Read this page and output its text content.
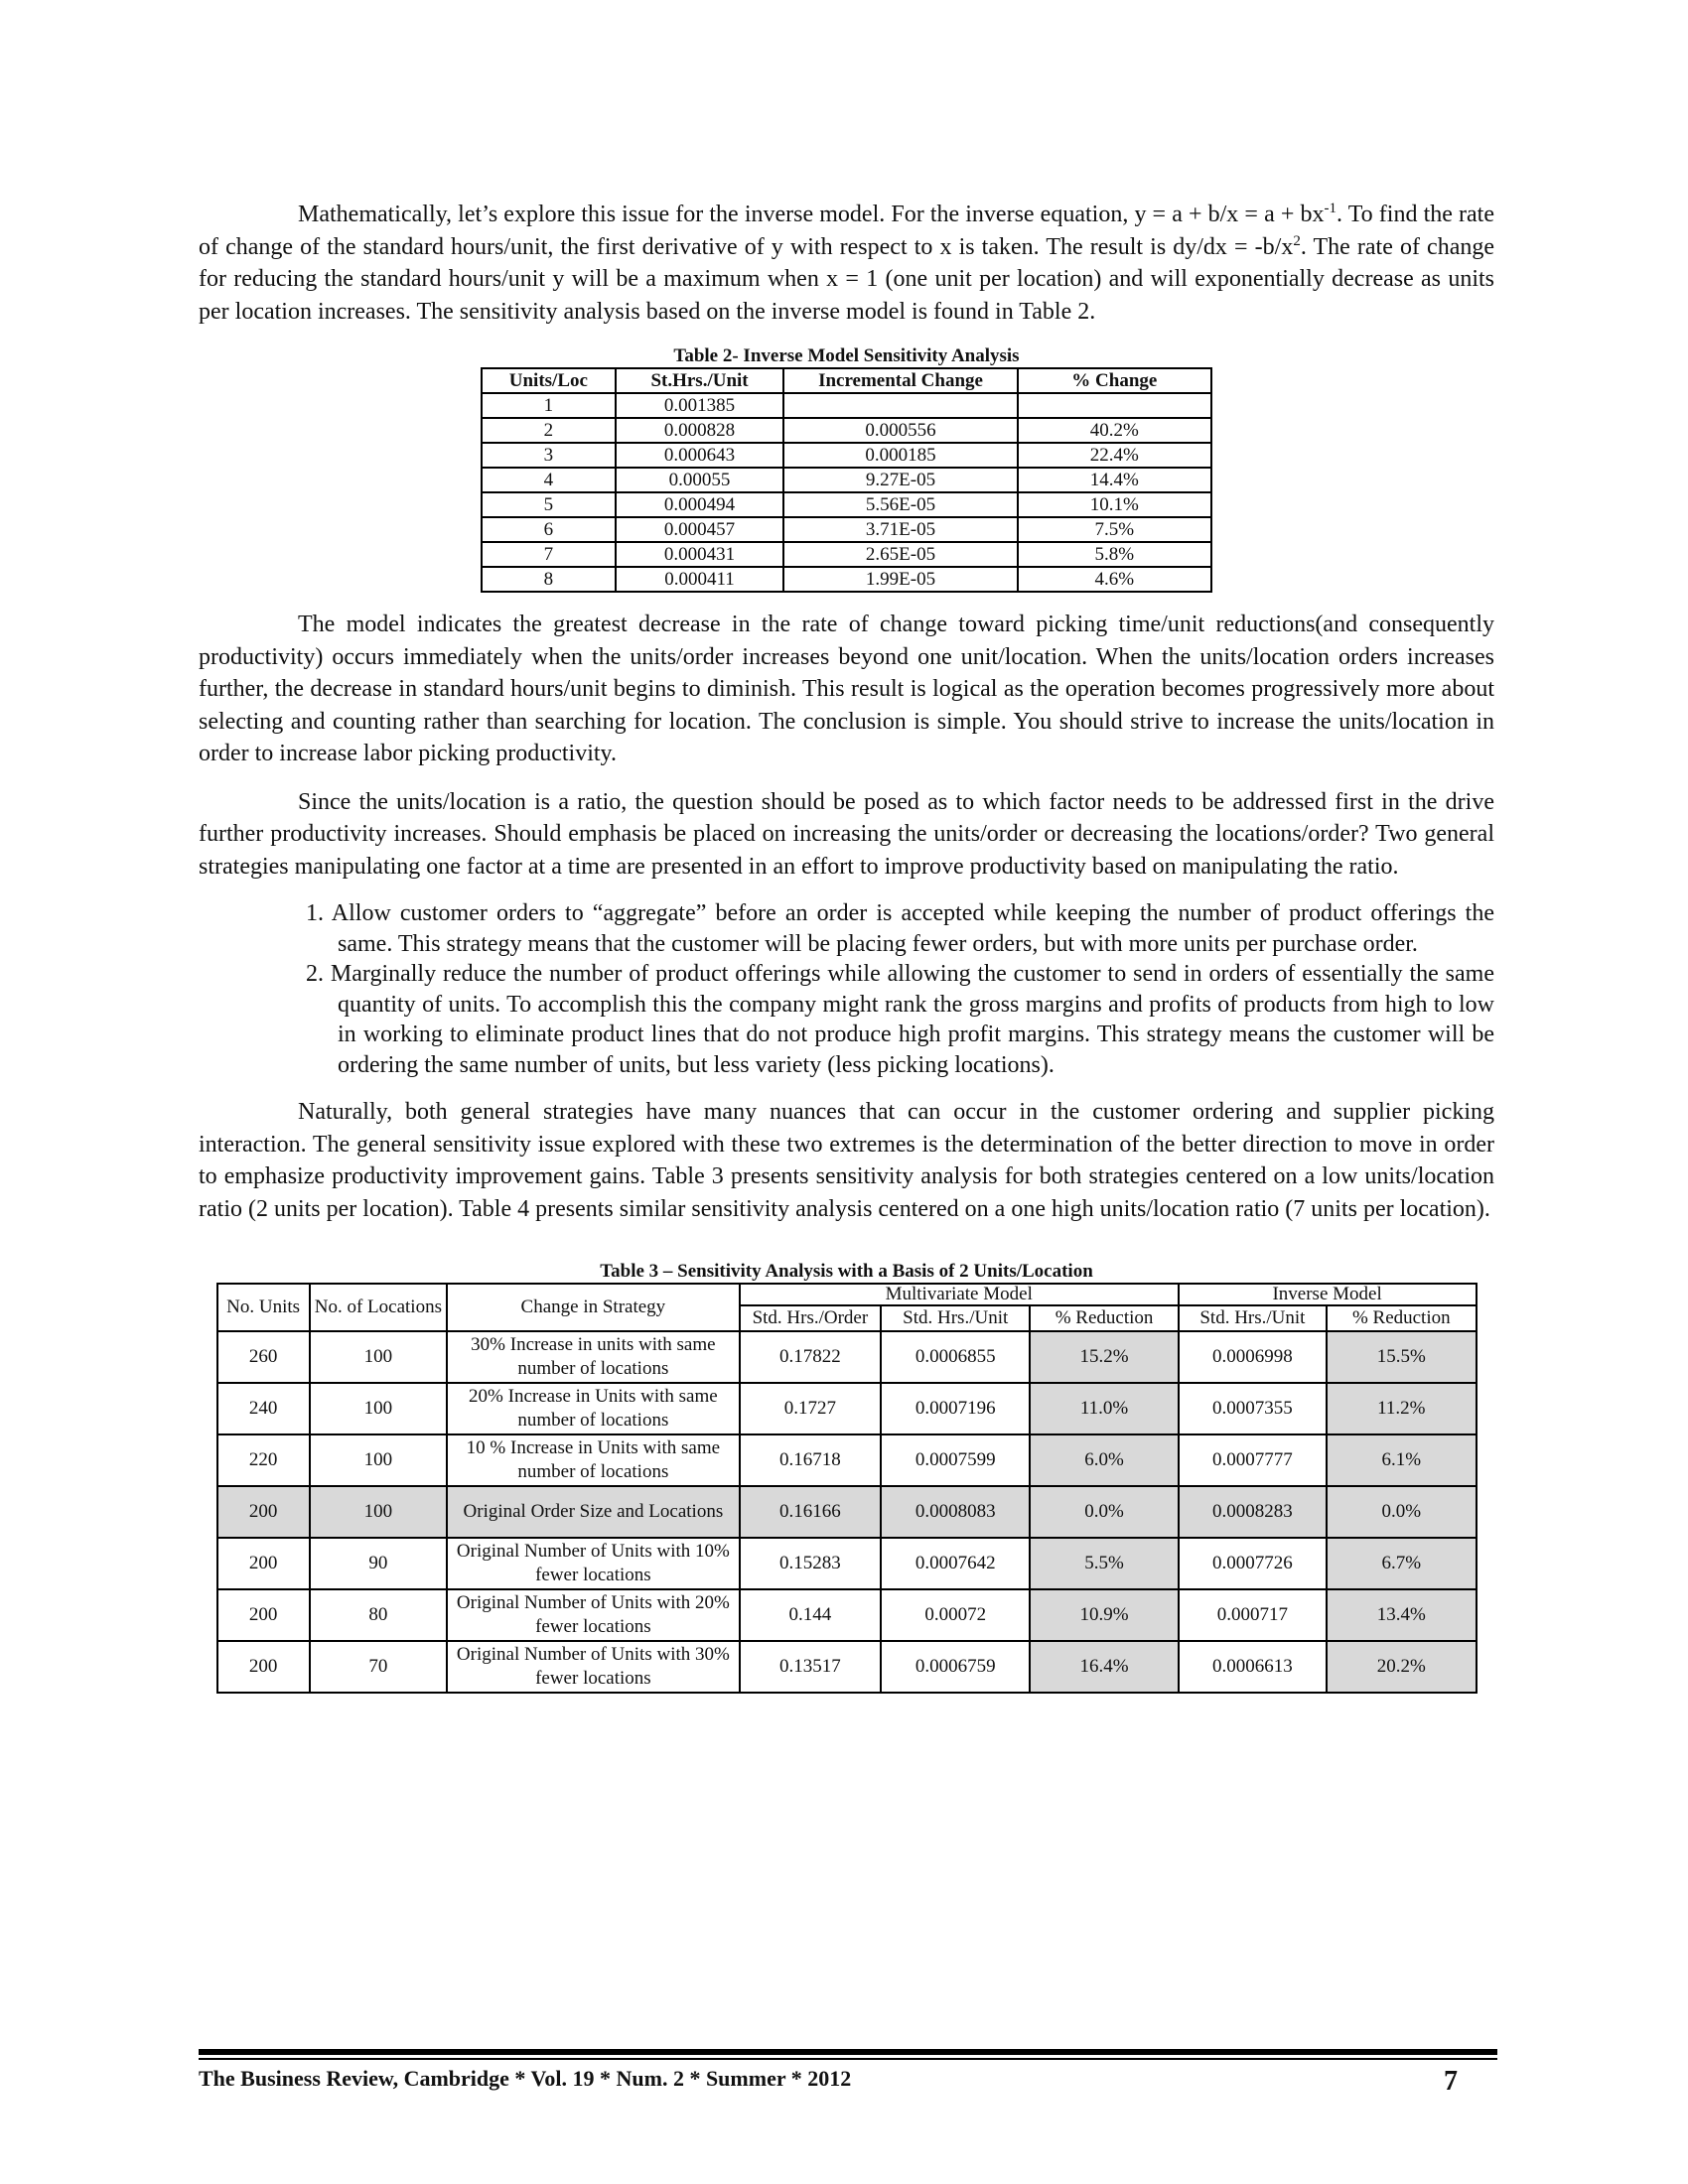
Mathematically, let’s explore this issue for the inverse model. For the inverse equation, $y = a + b/x = a + bx^{-1}$. To find the rate of change of the standard hours/unit, the first derivative of y with respect to x is taken. The result is $dy/dx = -b/x^2$. The rate of change for reducing the standard hours/unit y will be a maximum when x = 1 (one unit per location) and will exponentially decrease as units per location increases. The sensitivity analysis based on the inverse model is found in Table 2.

Table 2- Inverse Model Sensitivity Analysis
Units/Loc	St.Hrs./Unit	Incremental Change	% Change
1	0.001385		
2	0.000828	0.000556	40.2%
3	0.000643	0.000185	22.4%
4	0.00055	9.27E-05	14.4%
5	0.000494	5.56E-05	10.1%
6	0.000457	3.71E-05	7.5%
7	0.000431	2.65E-05	5.8%
8	0.000411	1.99E-05	4.6%

The model indicates the greatest decrease in the rate of change toward picking time/unit reductions(and consequently productivity) occurs immediately when the units/order increases beyond one unit/location. When the units/location orders increases further, the decrease in standard hours/unit begins to diminish. This result is logical as the operation becomes progressively more about selecting and counting rather than searching for location. The conclusion is simple. You should strive to increase the units/location in order to increase labor picking productivity.

Since the units/location is a ratio, the question should be posed as to which factor needs to be addressed first in the drive further productivity increases. Should emphasis be placed on increasing the units/order or decreasing the locations/order? Two general strategies manipulating one factor at a time are presented in an effort to improve productivity based on manipulating the ratio.

1. Allow customer orders to “aggregate” before an order is accepted while keeping the number of product offerings the same. This strategy means that the customer will be placing fewer orders, but with more units per purchase order.
2. Marginally reduce the number of product offerings while allowing the customer to send in orders of essentially the same quantity of units. To accomplish this the company might rank the gross margins and profits of products from high to low in working to eliminate product lines that do not produce high profit margins. This strategy means the customer will be ordering the same number of units, but less variety (less picking locations).

Naturally, both general strategies have many nuances that can occur in the customer ordering and supplier picking interaction. The general sensitivity issue explored with these two extremes is the determination of the better direction to move in order to emphasize productivity improvement gains. Table 3 presents sensitivity analysis for both strategies centered on a low units/location ratio (2 units per location). Table 4 presents similar sensitivity analysis centered on a one high units/location ratio (7 units per location).

Table 3 – Sensitivity Analysis with a Basis of 2 Units/Location
No. Units	No. of Locations	Change in Strategy	Multivariate Model			Inverse Model	
			Std. Hrs./Order	Std. Hrs./Unit	% Reduction	Std. Hrs./Unit	% Reduction
260	100	30% Increase in units with same number of locations	0.17822	0.0006855	15.2%	0.0006998	15.5%
240	100	20% Increase in Units with same number of locations	0.1727	0.0007196	11.0%	0.0007355	11.2%
220	100	10 % Increase in Units with same number of locations	0.16718	0.0007599	6.0%	0.0007777	6.1%
200	100	Original Order Size and Locations	0.16166	0.0008083	0.0%	0.0008283	0.0%
200	90	Original Number of Units with 10% fewer locations	0.15283	0.0007642	5.5%	0.0007726	6.7%
200	80	Original Number of Units with 20% fewer locations	0.144	0.00072	10.9%	0.000717	13.4%
200	70	Original Number of Units with 30% fewer locations	0.13517	0.0006759	16.4%	0.0006613	20.2%
The Business Review, Cambridge * Vol. 19 * Num. 2 * Summer * 2012	7
